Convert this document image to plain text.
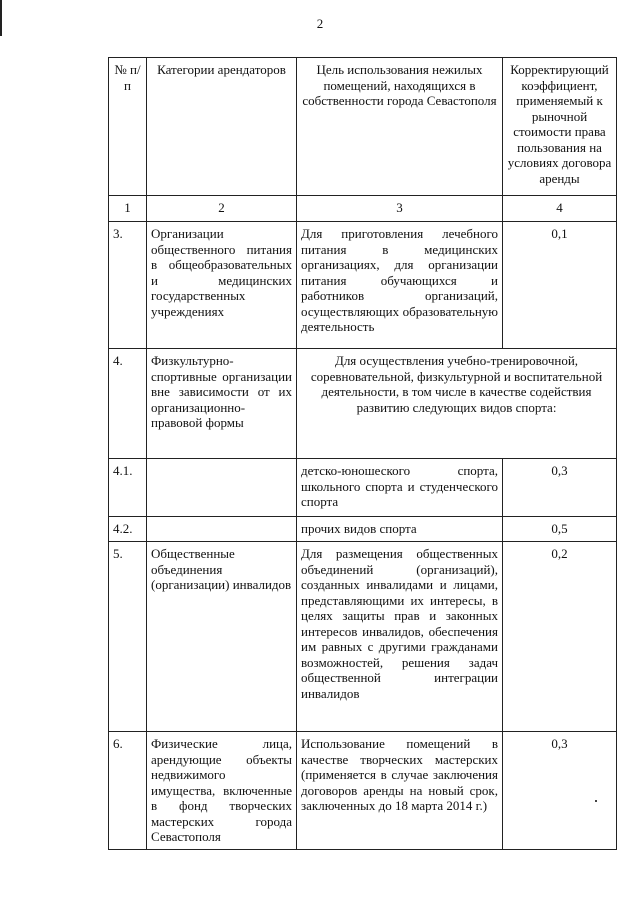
2
№ п/п	Категории арендаторов	Цель использования нежилых помещений, находящихся в собственности города Севастополя	Корректирующий коэффициент, применяемый к рыночной стоимости права пользования на условиях договора аренды
1	2	3	4
3.	Организации общественного питания в общеобразовательных и медицинских государственных учреждениях	Для приготовления лечебного питания в медицинских организациях, для организации питания обучающихся и работников организаций, осуществляющих образовательную деятельность	0,1
4.	Физкультурно-спортивные организации вне зависимости от их организационно-правовой формы	Для осуществления учебно-тренировочной, соревновательной, физкультурной и воспитательной деятельности, в том числе в качестве содействия развитию следующих видов спорта:	
4.1.		детско-юношеского спорта, школьного спорта и студенческого спорта	0,3
4.2.		прочих видов спорта	0,5
5.	Общественные объединения (организации) инвалидов	Для размещения общественных объединений (организаций), созданных инвалидами и лицами, представляющими их интересы, в целях защиты прав и законных интересов инвалидов, обеспечения им равных с другими гражданами возможностей, решения задач общественной интеграции инвалидов	0,2
6.	Физические лица, арендующие объекты недвижимого имущества, включенные в фонд творческих мастерских города Севастополя	Использование помещений в качестве творческих мастерских (применяется в случае заключения договоров аренды на новый срок, заключенных до 18 марта 2014 г.)	0,3
